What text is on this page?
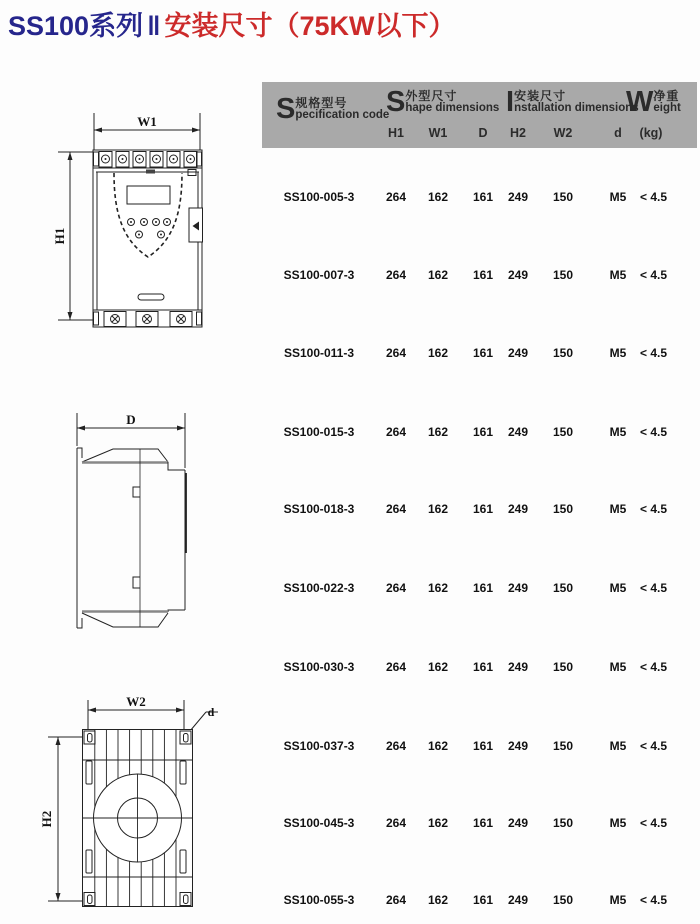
SS100系列 ‖ 安装尺寸（75KW以下）
W1
H1
D
W2
H2
d
S 规格型号
pecification code
S 外型尺寸
hape dimensions I 安装尺寸
nstallation dimensions
W 净重
eight
H1 W1 D H2 W2	d (kg)
SS100-005-3	264	162	161	249	150	M5	< 4.5
SS100-007-3	264	162	161	249	150	M5	< 4.5
SS100-011-3	264	162	161	249	150	M5	< 4.5
SS100-015-3	264	162	161	249	150	M5	< 4.5
SS100-018-3	264	162	161	249	150	M5	< 4.5
SS100-022-3	264	162	161	249	150	M5	< 4.5
SS100-030-3	264	162	161	249	150	M5	< 4.5
SS100-037-3	264	162	161	249	150	M5	< 4.5
SS100-045-3	264	162	161	249	150	M5	< 4.5
SS100-055-3	264	162	161	249	150	M5	< 4.5
